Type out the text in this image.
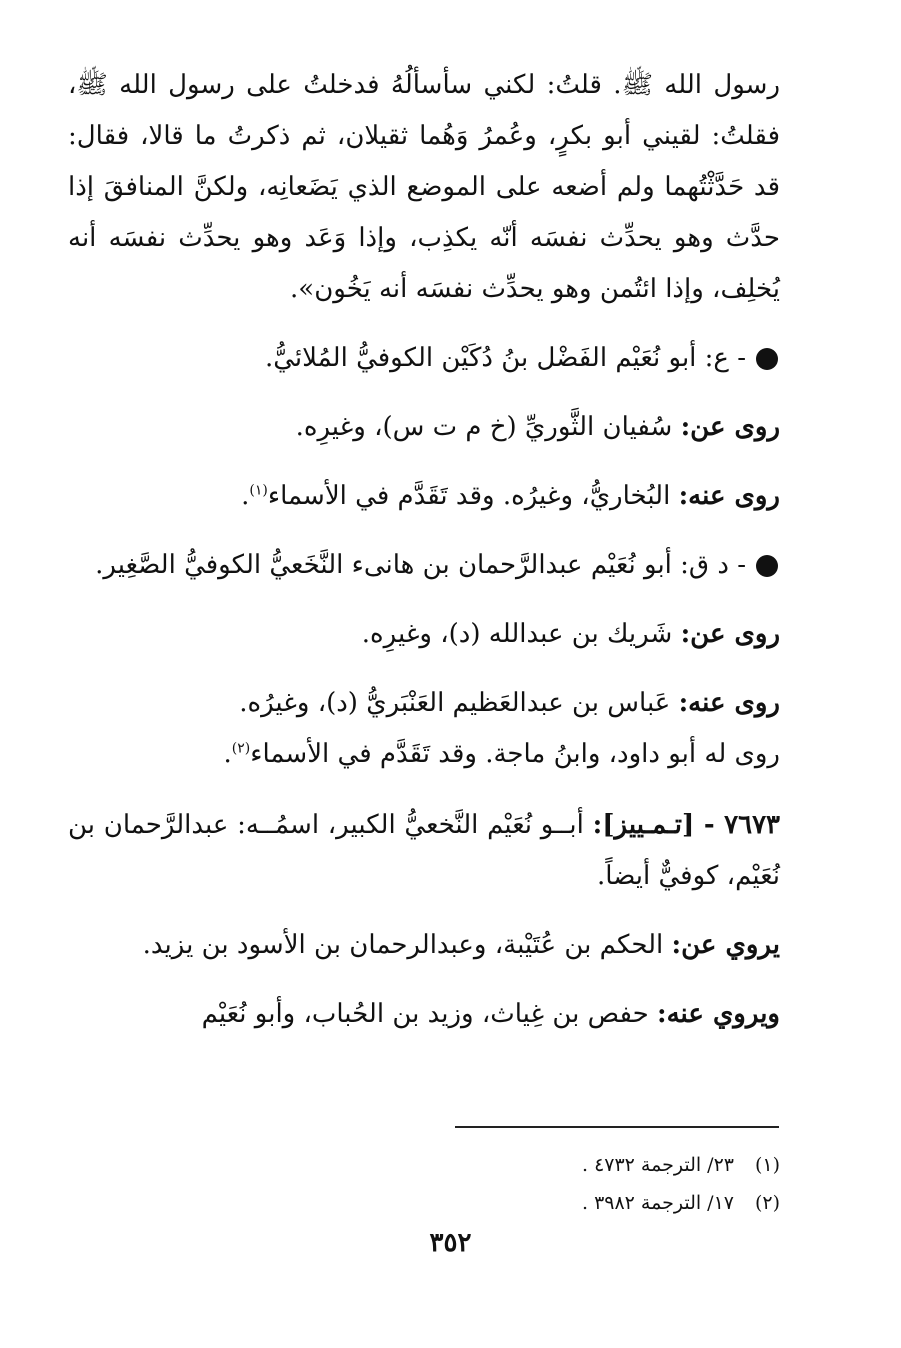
رسول الله ﷺ. قلتُ: لكني سأسألُهُ فدخلتُ على رسول الله ﷺ، فقلتُ: لقيني أبو بكرٍ، وعُمرُ وَهُما ثقيلان، ثم ذكرتُ ما قالا، فقال: قد حَدَّثْتُهما ولم أضعه على الموضع الذي يَضَعانِه، ولكنَّ المنافقَ إذا حدَّث وهو يحدِّث نفسَه أنّه يكذِب، وإذا وَعَد وهو يحدِّث نفسَه أنه يُخلِف، وإذا ائتُمن وهو يحدِّث نفسَه أنه يَخُون».

- ع: أبو نُعَيْم الفَضْل بنُ دُكَيْن الكوفيُّ المُلائيُّ.

روى عن: سُفيان الثَّوريِّ (خ م ت س)، وغيرِه.

روى عنه: البُخاريُّ، وغيرُه. وقد تَقَدَّم في الأسماء$^{(١)}$.

- د ق: أبو نُعَيْم عبدالرَّحمان بن هانىء النَّخَعيُّ الكوفيُّ الصَّغِير.

روى عن: شَريك بن عبدالله (د)، وغيرِه.

روى عنه: عَباس بن عبدالعَظيم العَنْبَريُّ (د)، وغيرُه.

روى له أبو داود، وابنُ ماجة. وقد تَقَدَّم في الأسماء$^{(٢)}$.

٧٦٧٣ - [تـمـييز]: أبــو نُعَيْم النَّخعيُّ الكبير، اسمُــه: عبدالرَّحمان بن نُعَيْم، كوفيٌّ أيضاً.

يروي عن: الحكم بن عُتَيْبة، وعبدالرحمان بن الأسود بن يزيد.

ويروي عنه: حفص بن غِياث، وزيد بن الحُباب، وأبو نُعَيْم

(١)٢٣/ الترجمة ٤٧٣٢ .

(٢)١٧/ الترجمة ٣٩٨٢ .

٣٥٢
